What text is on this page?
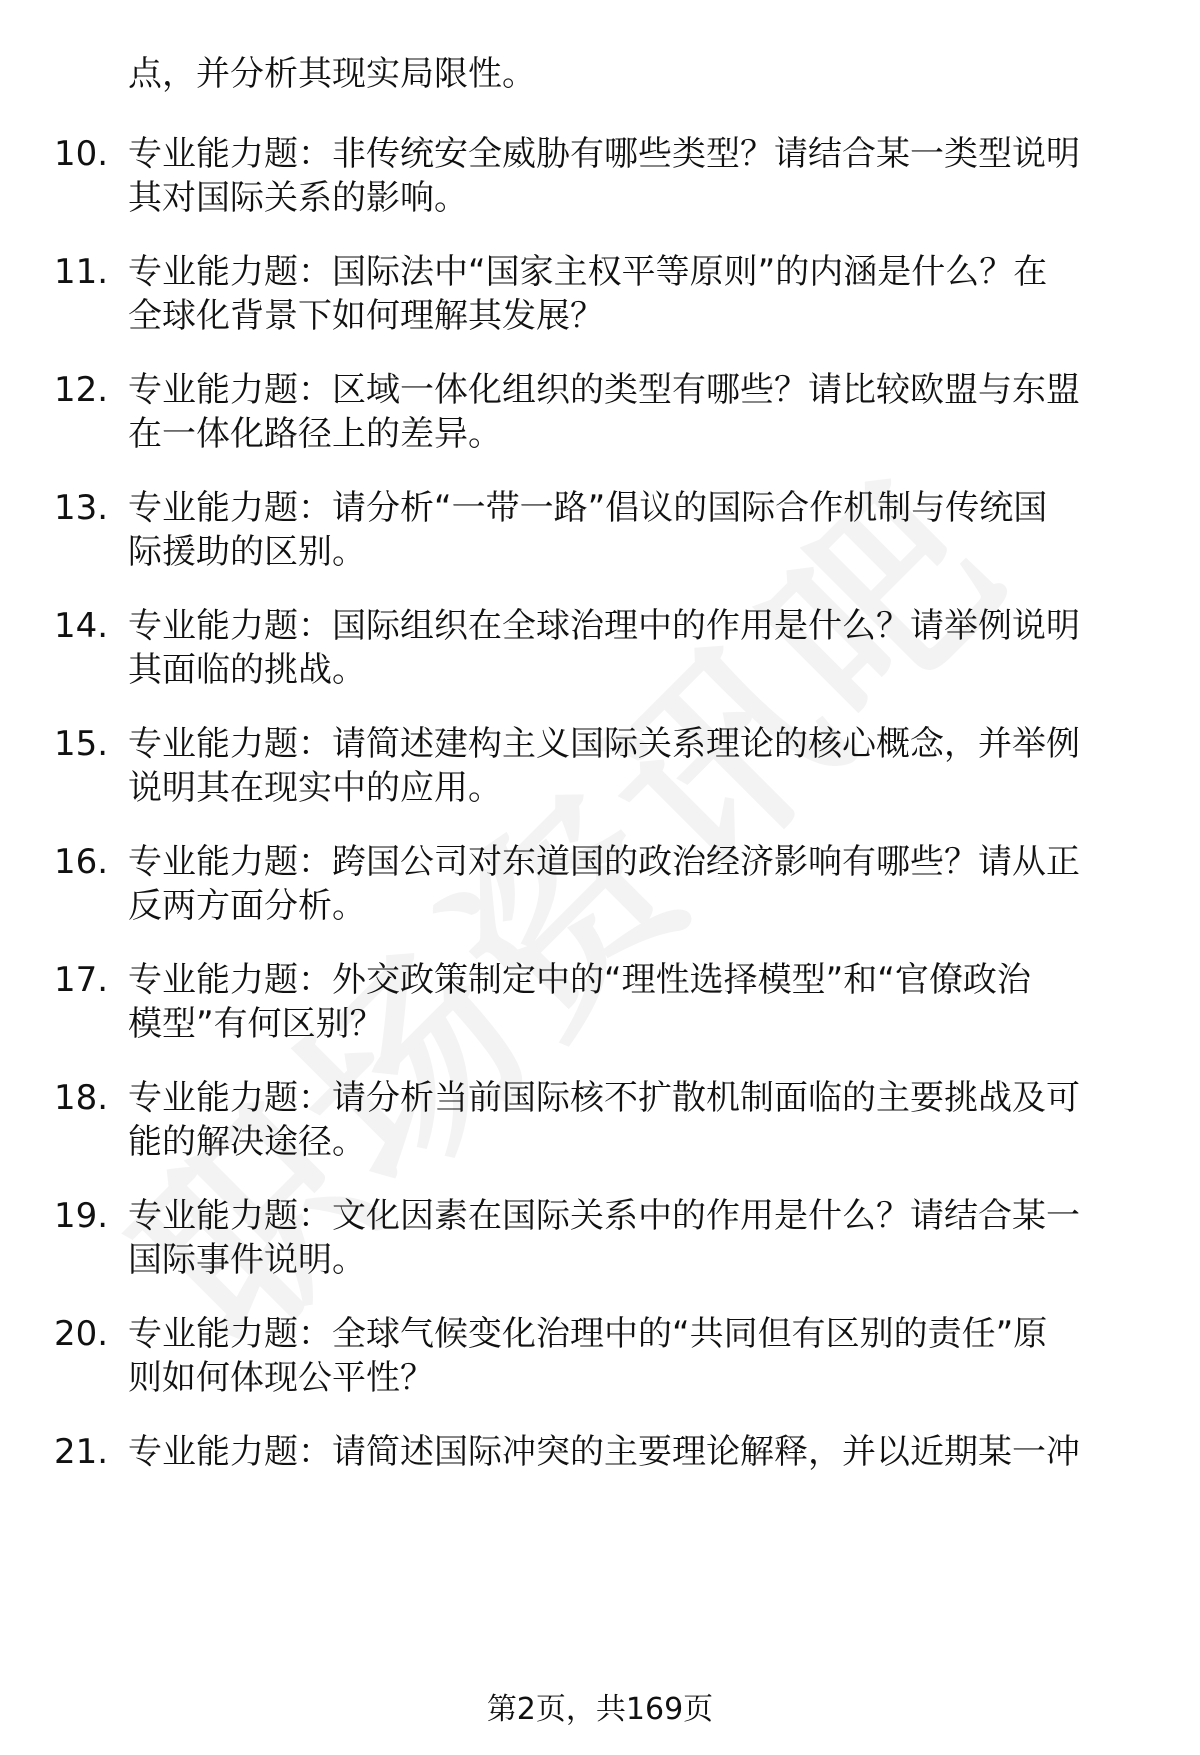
点，并分析其现实局限性。
10. 专业能力题：非传统安全威胁有哪些类型？请结合某一类型说明
其对国际关系的影响。
11. 专业能力题：国际法中“国家主权平等原则”的内涵是什么？在
全球化背景下如何理解其发展？
12. 专业能力题：区域一体化组织的类型有哪些？请比较欧盟与东盟
在一体化路径上的差异。
13. 专业能力题：请分析“一带一路”倡议的国际合作机制与传统国
际援助的区别。
14. 专业能力题：国际组织在全球治理中的作用是什么？请举例说明
其面临的挑战。
15. 专业能力题：请简述建构主义国际关系理论的核心概念，并举例
说明其在现实中的应用。
16. 专业能力题：跨国公司对东道国的政治经济影响有哪些？请从正
反两方面分析。
17. 专业能力题：外交政策制定中的“理性选择模型”和“官僚政治
模型”有何区别？
18. 专业能力题：请分析当前国际核不扩散机制面临的主要挑战及可
能的解决途径。
19. 专业能力题：文化因素在国际关系中的作用是什么？请结合某一
国际事件说明。
20. 专业能力题：全球气候变化治理中的“共同但有区别的责任”原
则如何体现公平性？
21. 专业能力题：请简述国际冲突的主要理论解释，并以近期某一冲
第2页，共169页
